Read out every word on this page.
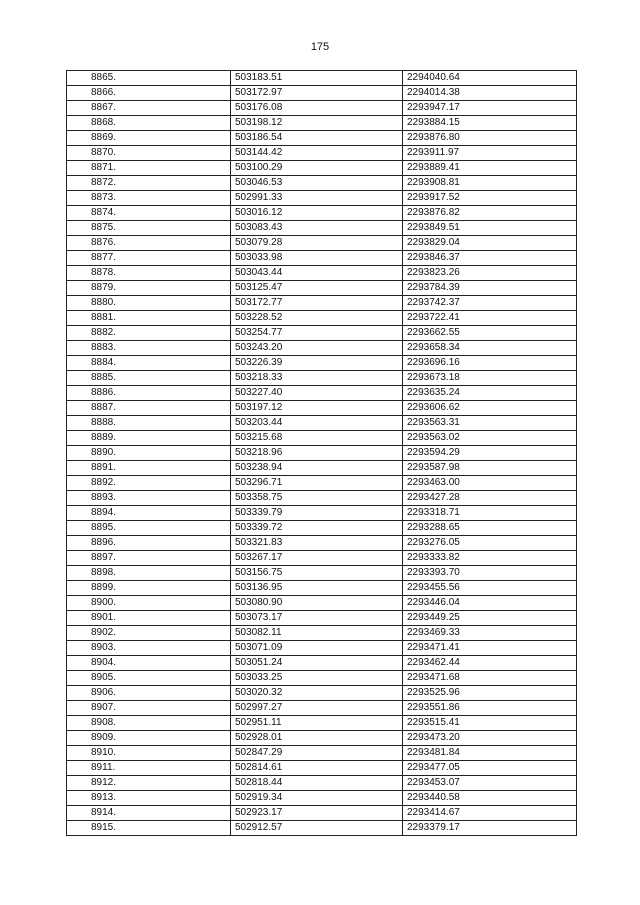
175
8865.	503183.51	2294040.64
8866.	503172.97	2294014.38
8867.	503176.08	2293947.17
8868.	503198.12	2293884.15
8869.	503186.54	2293876.80
8870.	503144.42	2293911.97
8871.	503100.29	2293889.41
8872.	503046.53	2293908.81
8873.	502991.33	2293917.52
8874.	503016.12	2293876.82
8875.	503083.43	2293849.51
8876.	503079.28	2293829.04
8877.	503033.98	2293846.37
8878.	503043.44	2293823.26
8879.	503125.47	2293784.39
8880.	503172.77	2293742.37
8881.	503228.52	2293722.41
8882.	503254.77	2293662.55
8883.	503243.20	2293658.34
8884.	503226.39	2293696.16
8885.	503218.33	2293673.18
8886.	503227.40	2293635.24
8887.	503197.12	2293606.62
8888.	503203.44	2293563.31
8889.	503215.68	2293563.02
8890.	503218.96	2293594.29
8891.	503238.94	2293587.98
8892.	503296.71	2293463.00
8893.	503358.75	2293427.28
8894.	503339.79	2293318.71
8895.	503339.72	2293288.65
8896.	503321.83	2293276.05
8897.	503267.17	2293333.82
8898.	503156.75	2293393.70
8899.	503136.95	2293455.56
8900.	503080.90	2293446.04
8901.	503073.17	2293449.25
8902.	503082.11	2293469.33
8903.	503071.09	2293471.41
8904.	503051.24	2293462.44
8905.	503033.25	2293471.68
8906.	503020.32	2293525.96
8907.	502997.27	2293551.86
8908.	502951.11	2293515.41
8909.	502928.01	2293473.20
8910.	502847.29	2293481.84
8911.	502814.61	2293477.05
8912.	502818.44	2293453.07
8913.	502919.34	2293440.58
8914.	502923.17	2293414.67
8915.	502912.57	2293379.17
